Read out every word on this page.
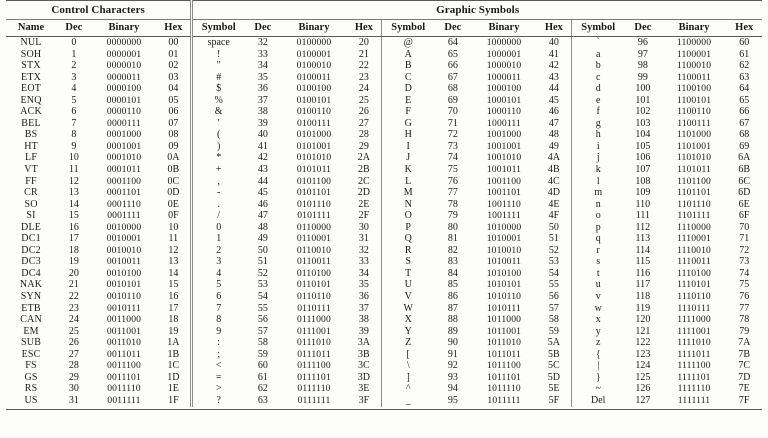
Control Characters				Graphic Symbols											
Name	Dec	Binary	Hex	Symbol	Dec	Binary	Hex	Symbol	Dec	Binary	Hex	Symbol	Dec	Binary	Hex
NUL	0	0000000	00	space	32	0100000	20	@	64	1000000	40	`	96	1100000	60
SOH	1	0000001	01	!	33	0100001	21	A	65	1000001	41	a	97	1100001	61
STX	2	0000010	02	"	34	0100010	22	B	66	1000010	42	b	98	1100010	62
ETX	3	0000011	03	#	35	0100011	23	C	67	1000011	43	c	99	1100011	63
EOT	4	0000100	04	$	36	0100100	24	D	68	1000100	44	d	100	1100100	64
ENQ	5	0000101	05	%	37	0100101	25	E	69	1000101	45	e	101	1100101	65
ACK	6	0000110	06	&	38	0100110	26	F	70	1000110	46	f	102	1100110	66
BEL	7	0000111	07	'	39	0100111	27	G	71	1000111	47	g	103	1100111	67
BS	8	0001000	08	(	40	0101000	28	H	72	1001000	48	h	104	1101000	68
HT	9	0001001	09	)	41	0101001	29	I	73	1001001	49	i	105	1101001	69
LF	10	0001010	0A	*	42	0101010	2A	J	74	1001010	4A	j	106	1101010	6A
VT	11	0001011	0B	+	43	0101011	2B	K	75	1001011	4B	k	107	1101011	6B
FF	12	0001100	0C	,	44	0101100	2C	L	76	1001100	4C	l	108	1101100	6C
CR	13	0001101	0D	-	45	0101101	2D	M	77	1001101	4D	m	109	1101101	6D
SO	14	0001110	0E	.	46	0101110	2E	N	78	1001110	4E	n	110	1101110	6E
SI	15	0001111	0F	/	47	0101111	2F	O	79	1001111	4F	o	111	1101111	6F
DLE	16	0010000	10	0	48	0110000	30	P	80	1010000	50	p	112	1110000	70
DC1	17	0010001	11	1	49	0110001	31	Q	81	1010001	51	q	113	1110001	71
DC2	18	0010010	12	2	50	0110010	32	R	82	1010010	52	r	114	1110010	72
DC3	19	0010011	13	3	51	0110011	33	S	83	1010011	53	s	115	1110011	73
DC4	20	0010100	14	4	52	0110100	34	T	84	1010100	54	t	116	1110100	74
NAK	21	0010101	15	5	53	0110101	35	U	85	1010101	55	u	117	1110101	75
SYN	22	0010110	16	6	54	0110110	36	V	86	1010110	56	v	118	1110110	76
ETB	23	0010111	17	7	55	0110111	37	W	87	1010111	57	w	119	1110111	77
CAN	24	0011000	18	8	56	0111000	38	X	88	1011000	58	x	120	1111000	78
EM	25	0011001	19	9	57	0111001	39	Y	89	1011001	59	y	121	1111001	79
SUB	26	0011010	1A	:	58	0111010	3A	Z	90	1011010	5A	z	122	1111010	7A
ESC	27	0011011	1B	;	59	0111011	3B	[	91	1011011	5B	{	123	1111011	7B
FS	28	0011100	1C	<	60	0111100	3C	\	92	1011100	5C	|	124	1111100	7C
GS	29	0011101	1D	=	61	0111101	3D	]	93	1011101	5D	}	125	1111101	7D
RS	30	0011110	1E	>	62	0111110	3E	^	94	1011110	5E	~	126	1111110	7E
US	31	0011111	1F	?	63	0111111	3F	_	95	1011111	5F	Del	127	1111111	7F
